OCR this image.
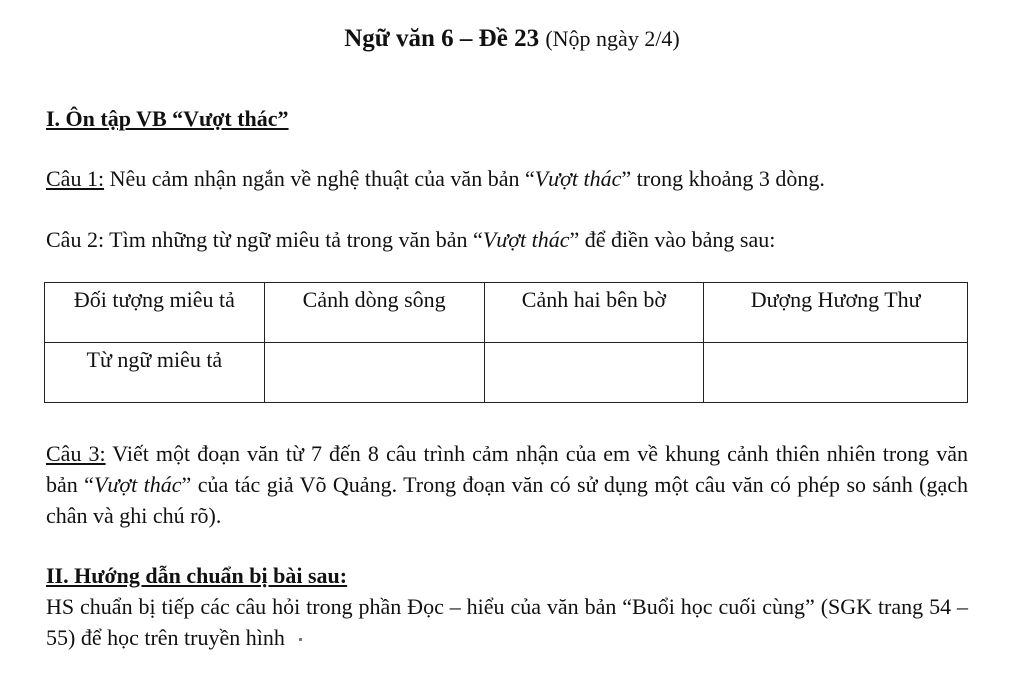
Ngữ văn 6 – Đề 23 (Nộp ngày 2/4)
I. Ôn tập VB “Vượt thác”
Câu 1: Nêu cảm nhận ngắn về nghệ thuật của văn bản “Vượt thác” trong khoảng 3 dòng.
Câu 2: Tìm những từ ngữ miêu tả trong văn bản “Vượt thác” để điền vào bảng sau:
Đối tượng miêu tả	Cảnh dòng sông	Cảnh hai bên bờ	Dượng Hương Thư
Từ ngữ miêu tả			
Câu 3: Viết một đoạn văn từ 7 đến 8 câu trình cảm nhận của em về khung cảnh thiên nhiên trong văn bản “Vượt thác” của tác giả Võ Quảng. Trong đoạn văn có sử dụng một câu văn có phép so sánh (gạch chân và ghi chú rõ).
II. Hướng dẫn chuẩn bị bài sau:
HS chuẩn bị tiếp các câu hỏi trong phần Đọc – hiểu của văn bản “Buổi học cuối cùng” (SGK trang 54 – 55) để học trên truyền hình
